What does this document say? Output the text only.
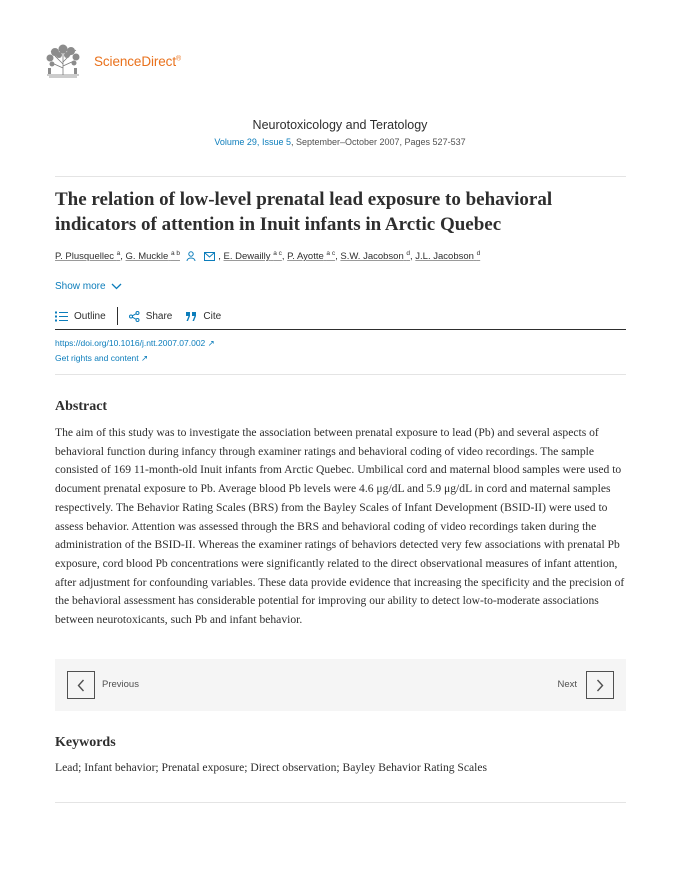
ScienceDirect®
Neurotoxicology and Teratology
Volume 29, Issue 5, September–October 2007, Pages 527-537
The relation of low-level prenatal lead exposure to behavioral indicators of attention in Inuit infants in Arctic Quebec
P. Plusquellec $^a$, G. Muckle $^{a b}$	, E. Dewailly $^{a c}$, P. Ayotte $^{a c}$, S.W. Jacobson $^d$, J.L. Jacobson $^d$
Show more
Outline	Share	Cite
https://doi.org/10.1016/j.ntt.2007.07.002 ↗
Get rights and content ↗
Abstract

The aim of this study was to investigate the association between prenatal exposure to lead (Pb) and several aspects of behavioral function during infancy through examiner ratings and behavioral coding of video recordings. The sample consisted of 169 11-month-old Inuit infants from Arctic Quebec. Umbilical cord and maternal blood samples were used to document prenatal exposure to Pb. Average blood Pb levels were 4.6 μg/dL and 5.9 μg/dL in cord and maternal samples respectively. The Behavior Rating Scales (BRS) from the Bayley Scales of Infant Development (BSID-II) were used to assess behavior. Attention was assessed through the BRS and behavioral coding of video recordings taken during the administration of the BSID-II. Whereas the examiner ratings of behaviors detected very few associations with prenatal Pb exposure, cord blood Pb concentrations were significantly related to the direct observational measures of infant attention, after adjustment for confounding variables. These data provide evidence that increasing the specificity and the precision of the behavioral assessment has considerable potential for improving our ability to detect low-to-moderate associations between neurotoxicants, such Pb and infant behavior.

Previous	Next
Keywords

Lead; Infant behavior; Prenatal exposure; Direct observation; Bayley Behavior Rating Scales
